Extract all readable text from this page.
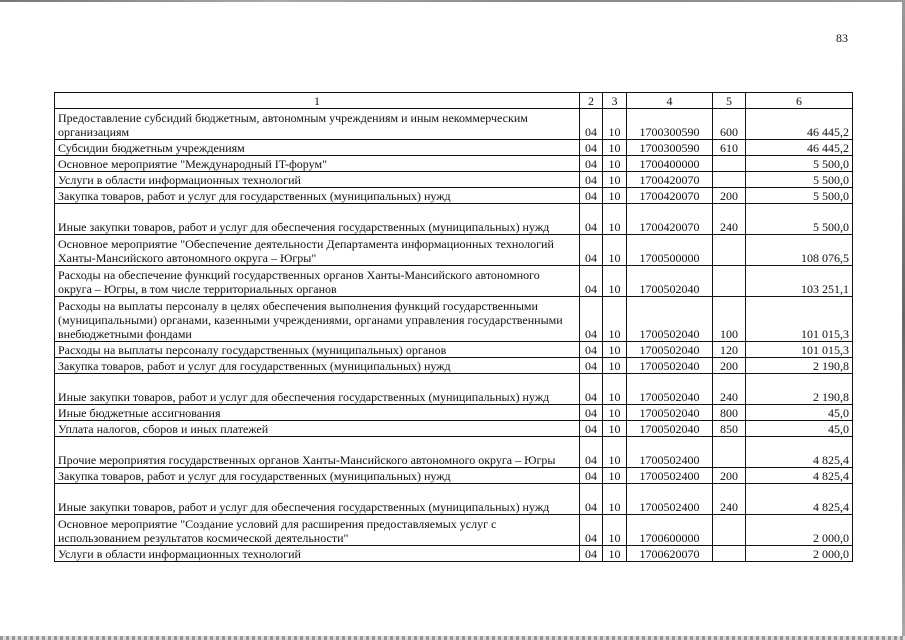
83
1	2	3	4	5	6
Предоставление субсидий бюджетным, автономным учреждениям и иным некоммерческим организациям	04	10	1700300590	600	46 445,2
Субсидии бюджетным учреждениям	04	10	1700300590	610	46 445,2
Основное мероприятие "Международный IT-форум"	04	10	1700400000		5 500,0
Услуги в области информационных технологий	04	10	1700420070		5 500,0
Закупка товаров, работ и услуг для государственных (муниципальных) нужд	04	10	1700420070	200	5 500,0
Иные закупки товаров, работ и услуг для обеспечения государственных (муниципальных) нужд	04	10	1700420070	240	5 500,0
Основное мероприятие "Обеспечение деятельности Департамента информационных технологий Ханты-Мансийского автономного округа – Югры"	04	10	1700500000		108 076,5
Расходы на обеспечение функций государственных органов Ханты-Мансийского автономного округа – Югры, в том числе территориальных органов	04	10	1700502040		103 251,1
Расходы на выплаты персоналу в целях обеспечения выполнения функций государственными (муниципальными) органами, казенными учреждениями, органами управления государственными внебюджетными фондами	04	10	1700502040	100	101 015,3
Расходы на выплаты персоналу государственных (муниципальных) органов	04	10	1700502040	120	101 015,3
Закупка товаров, работ и услуг для государственных (муниципальных) нужд	04	10	1700502040	200	2 190,8
Иные закупки товаров, работ и услуг для обеспечения государственных (муниципальных) нужд	04	10	1700502040	240	2 190,8
Иные бюджетные ассигнования	04	10	1700502040	800	45,0
Уплата налогов, сборов и иных платежей	04	10	1700502040	850	45,0
Прочие мероприятия государственных органов Ханты-Мансийского автономного округа – Югры	04	10	1700502400		4 825,4
Закупка товаров, работ и услуг для государственных (муниципальных) нужд	04	10	1700502400	200	4 825,4
Иные закупки товаров, работ и услуг для обеспечения государственных (муниципальных) нужд	04	10	1700502400	240	4 825,4
Основное мероприятие "Создание условий для расширения предоставляемых услуг с использованием результатов космической деятельности"	04	10	1700600000		2 000,0
Услуги в области информационных технологий	04	10	1700620070		2 000,0
